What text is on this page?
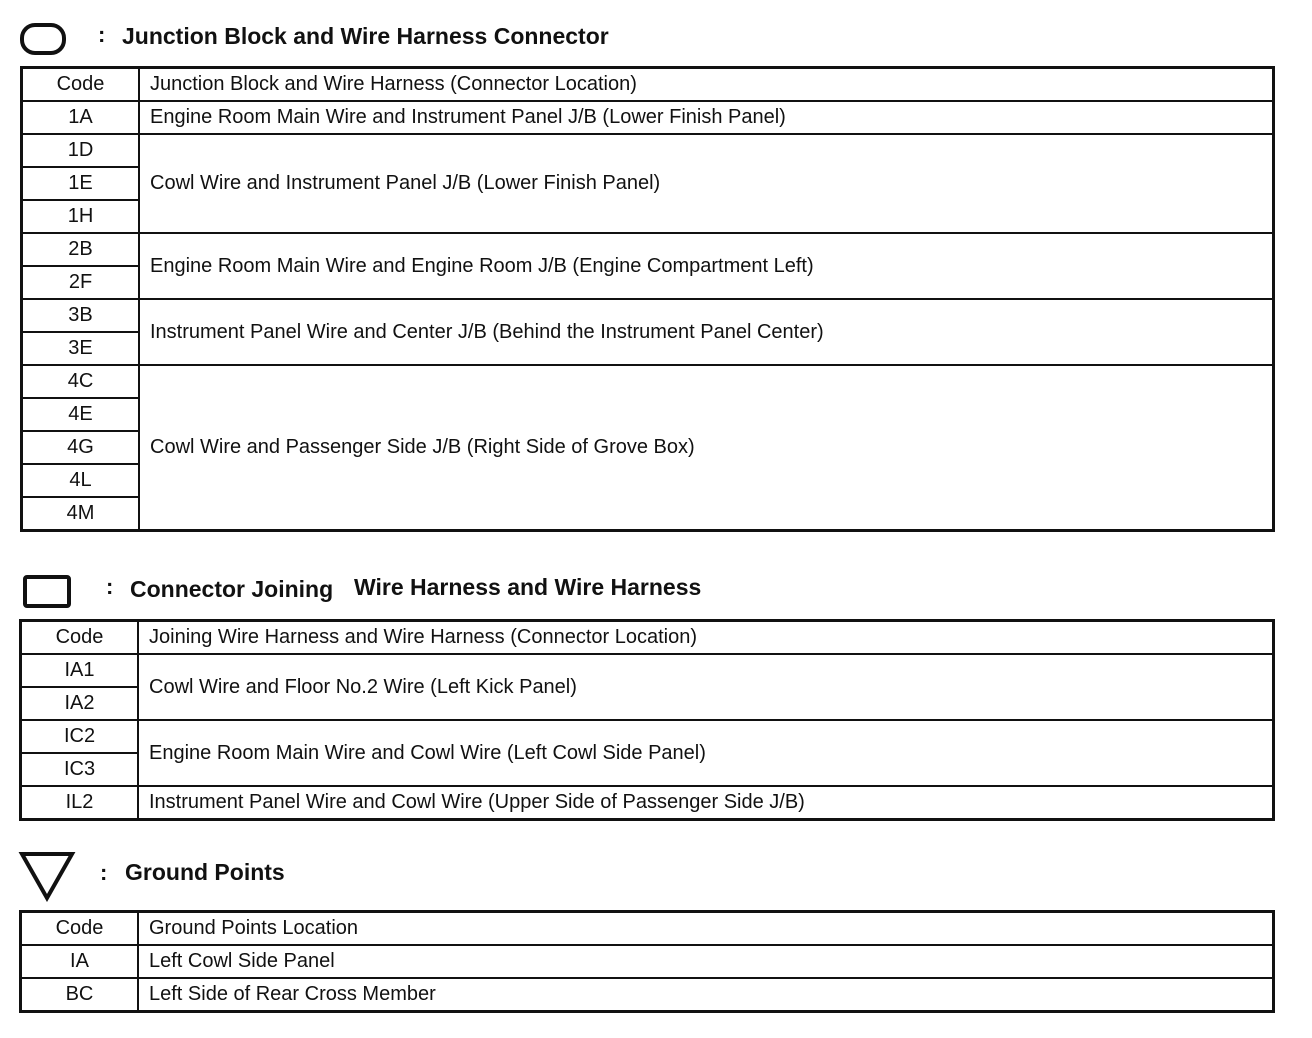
: Junction Block and Wire Harness Connector
Code	Junction Block and Wire Harness (Connector Location)
1A	Engine Room Main Wire and Instrument Panel J/B (Lower Finish Panel)
1D	Cowl Wire and Instrument Panel J/B (Lower Finish Panel)
1E	
1H	
2B	Engine Room Main Wire and Engine Room J/B (Engine Compartment Left)
2F	
3B	Instrument Panel Wire and Center J/B (Behind the Instrument Panel Center)
3E	
4C	Cowl Wire and Passenger Side J/B (Right Side of Grove Box)
4E	
4G	
4L	
4M	
: Connector Joining Wire Harness and Wire Harness
Code	Joining Wire Harness and Wire Harness (Connector Location)
IA1	Cowl Wire and Floor No.2 Wire (Left Kick Panel)
IA2	
IC2	Engine Room Main Wire and Cowl Wire (Left Cowl Side Panel)
IC3	
IL2	Instrument Panel Wire and Cowl Wire (Upper Side of Passenger Side J/B)
: Ground Points
Code	Ground Points Location
IA	Left Cowl Side Panel
BC	Left Side of Rear Cross Member
